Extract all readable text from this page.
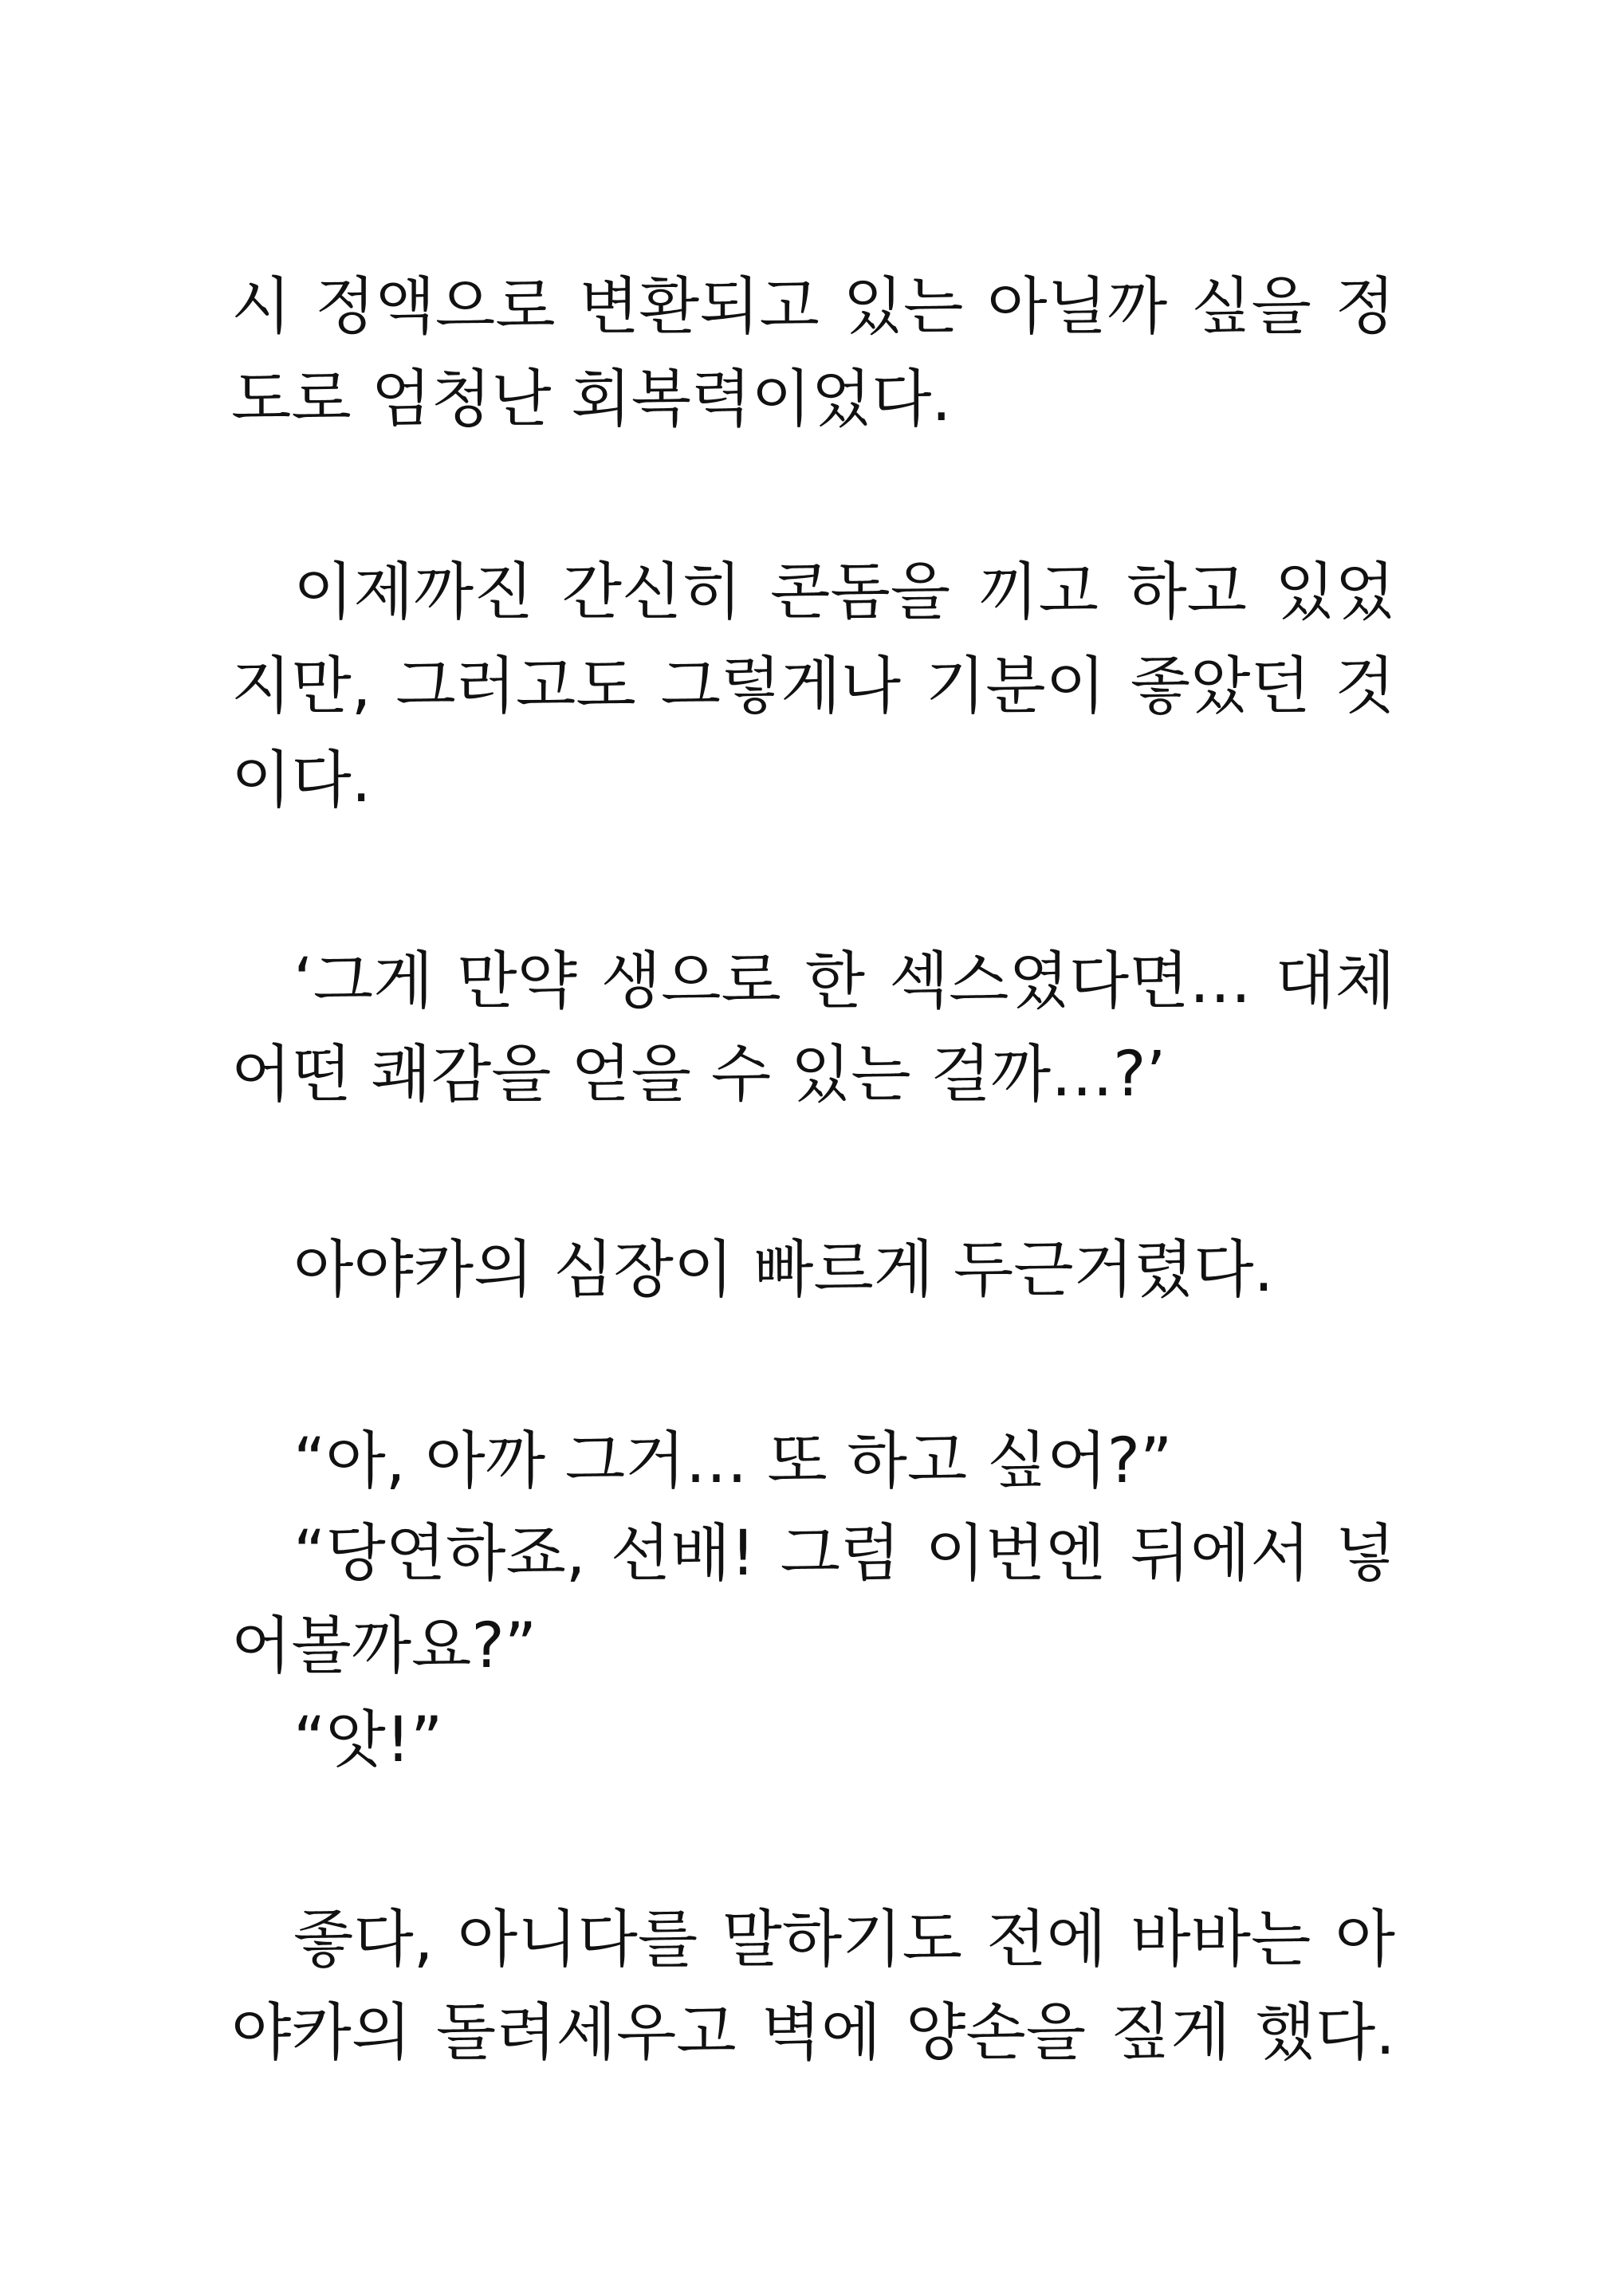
시 정액으로 변환되고 있는 아닐까 싶을 정
도로 엄청난 회복력이었다.
이제까진 간신히 콘돔을 끼고 하고 있었
지만, 그러고도 그렇게나 기분이 좋았던 것
이다.
‘그게 만약 생으로 한 섹스였다면… 대체
어떤 쾌감을 얻을 수 있는 걸까…?’
아야카의 심장이 빠르게 두근거렸다.
“아, 아까 그거… 또 하고 싶어?”
“당연하죠, 선배! 그럼 이번엔 뒤에서 넣
어볼까요?”
“앗!”
좋다, 아니다를 말하기도 전에 바바는 아
야카의 돌려세우고 벽에 양손을 짚게 했다.
